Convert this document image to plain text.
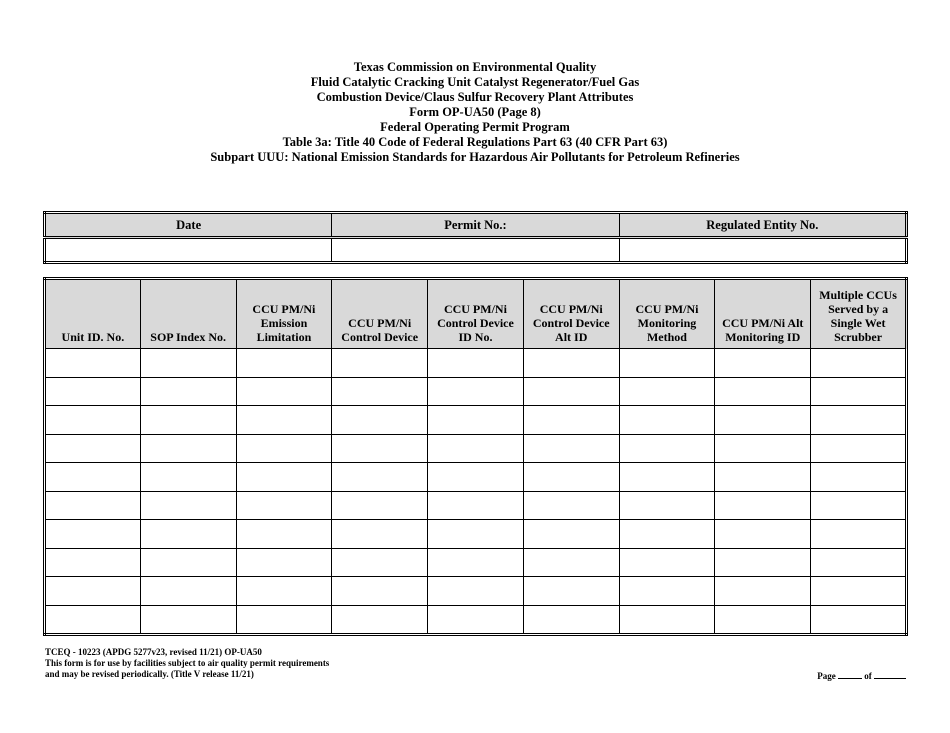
Texas Commission on Environmental Quality
Fluid Catalytic Cracking Unit Catalyst Regenerator/Fuel Gas
Combustion Device/Claus Sulfur Recovery Plant Attributes
Form OP-UA50 (Page 8)
Federal Operating Permit Program
Table 3a: Title 40 Code of Federal Regulations Part 63 (40 CFR Part 63)
Subpart UUU: National Emission Standards for Hazardous Air Pollutants for Petroleum Refineries
Date	Permit No.:	Regulated Entity No.

Unit ID. No.	SOP Index No.	CCU PM/Ni Emission Limitation	CCU PM/Ni Control Device	CCU PM/Ni Control Device ID No.	CCU PM/Ni Control Device Alt ID	CCU PM/Ni Monitoring Method	CCU PM/Ni Alt Monitoring ID	Multiple CCUs Served by a Single Wet Scrubber

TCEQ - 10223 (APDG 5277v23, revised 11/21) OP-UA50
This form is for use by facilities subject to air quality permit requirements
and may be revised periodically. (Title V release 11/21)	Page	of
